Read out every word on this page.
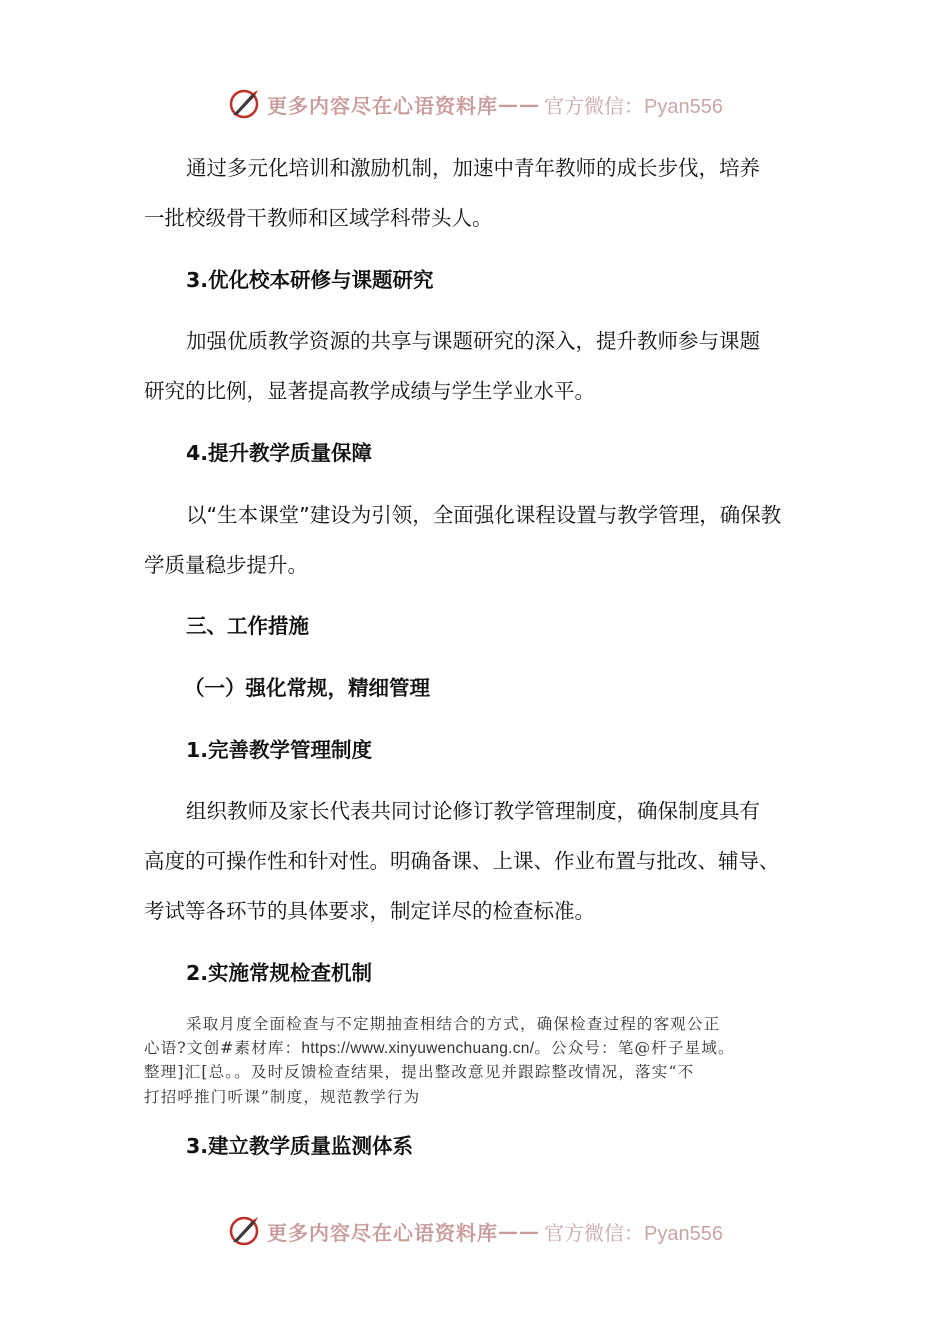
更多内容尽在心语资料库 —— 官方微信：Pyan556
通过多元化培训和激励机制，加速中青年教师的成长步伐，培养
一批校级骨干教师和区域学科带头人。
3.优化校本研修与课题研究
加强优质教学资源的共享与课题研究的深入，提升教师参与课题
研究的比例，显著提高教学成绩与学生学业水平。
4.提升教学质量保障
以“生本课堂”建设为引领，全面强化课程设置与教学管理，确保教
学质量稳步提升。
三、工作措施
（一）强化常规，精细管理
1.完善教学管理制度
组织教师及家长代表共同讨论修订教学管理制度，确保制度具有
高度的可操作性和针对性。明确备课、上课、作业布置与批改、辅导、
考试等各环节的具体要求，制定详尽的检查标准。
2.实施常规检查机制
采取月度全面检查与不定期抽查相结合的方式，确保检查过程的客观公正
心语?文创#素材库：https://www.xinyuwenchuang.cn/。公众号：笔@杆子星域。
整理]汇[总。。及时反馈检查结果，提出整改意见并跟踪整改情况，落实“不
打招呼推门听课”制度，规范教学行为
3.建立教学质量监测体系
更多内容尽在心语资料库 —— 官方微信：Pyan556
